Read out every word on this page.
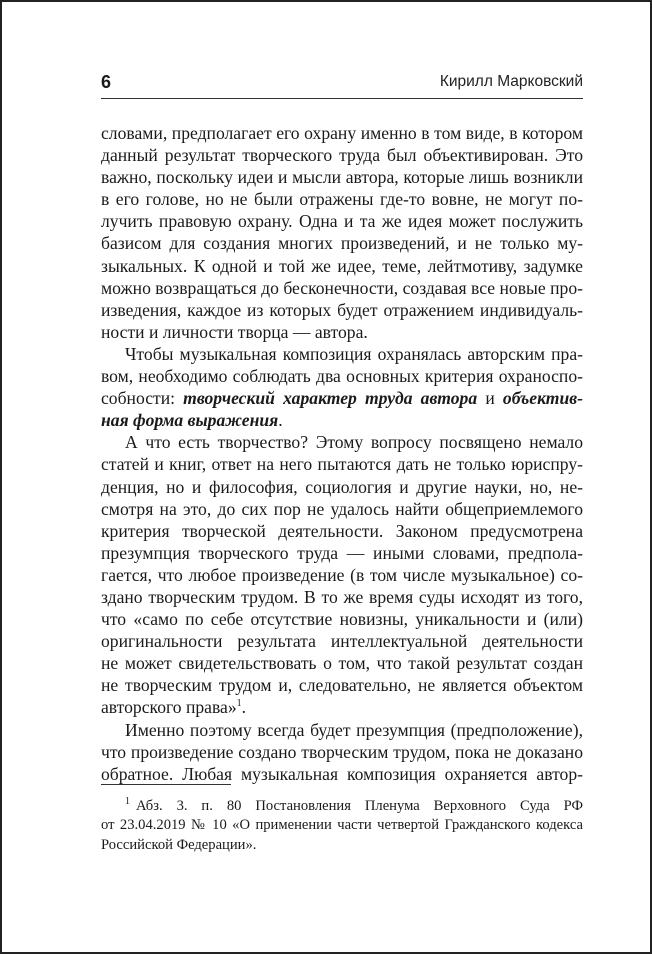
6	Кирилл Марковский

словами, предполагает его охрану именно в том виде, в котором
данный результат творческого труда был объективирован. Это
важно, поскольку идеи и мысли автора, которые лишь возникли
в его голове, но не были отражены где-то вовне, не могут по-
лучить правовую охрану. Одна и та же идея может послужить
базисом для создания многих произведений, и не только му-
зыкальных. К одной и той же идее, теме, лейтмотиву, задумке
можно возвращаться до бесконечности, создавая все новые про-
изведения, каждое из которых будет отражением индивидуаль-
ности и личности творца — автора.

Чтобы музыкальная композиция охранялась авторским пра-
вом, необходимо соблюдать два основных критерия охраноспо-
собности: творческий характер труда автора и объектив-
ная форма выражения.

А что есть творчество? Этому вопросу посвящено немало
статей и книг, ответ на него пытаются дать не только юриспру-
денция, но и философия, социология и другие науки, но, не-
смотря на это, до сих пор не удалось найти общеприемлемого
критерия творческой деятельности. Законом предусмотрена
презумпция творческого труда — иными словами, предпола-
гается, что любое произведение (в том числе музыкальное) со-
здано творческим трудом. В то же время суды исходят из того,
что «само по себе отсутствие новизны, уникальности и (или)
оригинальности результата интеллектуальной деятельности
не может свидетельствовать о том, что такой результат создан
не творческим трудом и, следовательно, не является объектом
авторского права»$^1$.

Именно поэтому всегда будет презумпция (предположение),
что произведение создано творческим трудом, пока не доказано
обратное. Любая музыкальная композиция охраняется автор-

$^1$ Абз. 3. п. 80 Постановления Пленума Верховного Суда РФ
от 23.04.2019 № 10 «О применении части четвертой Гражданского кодекса
Российской Федерации».
